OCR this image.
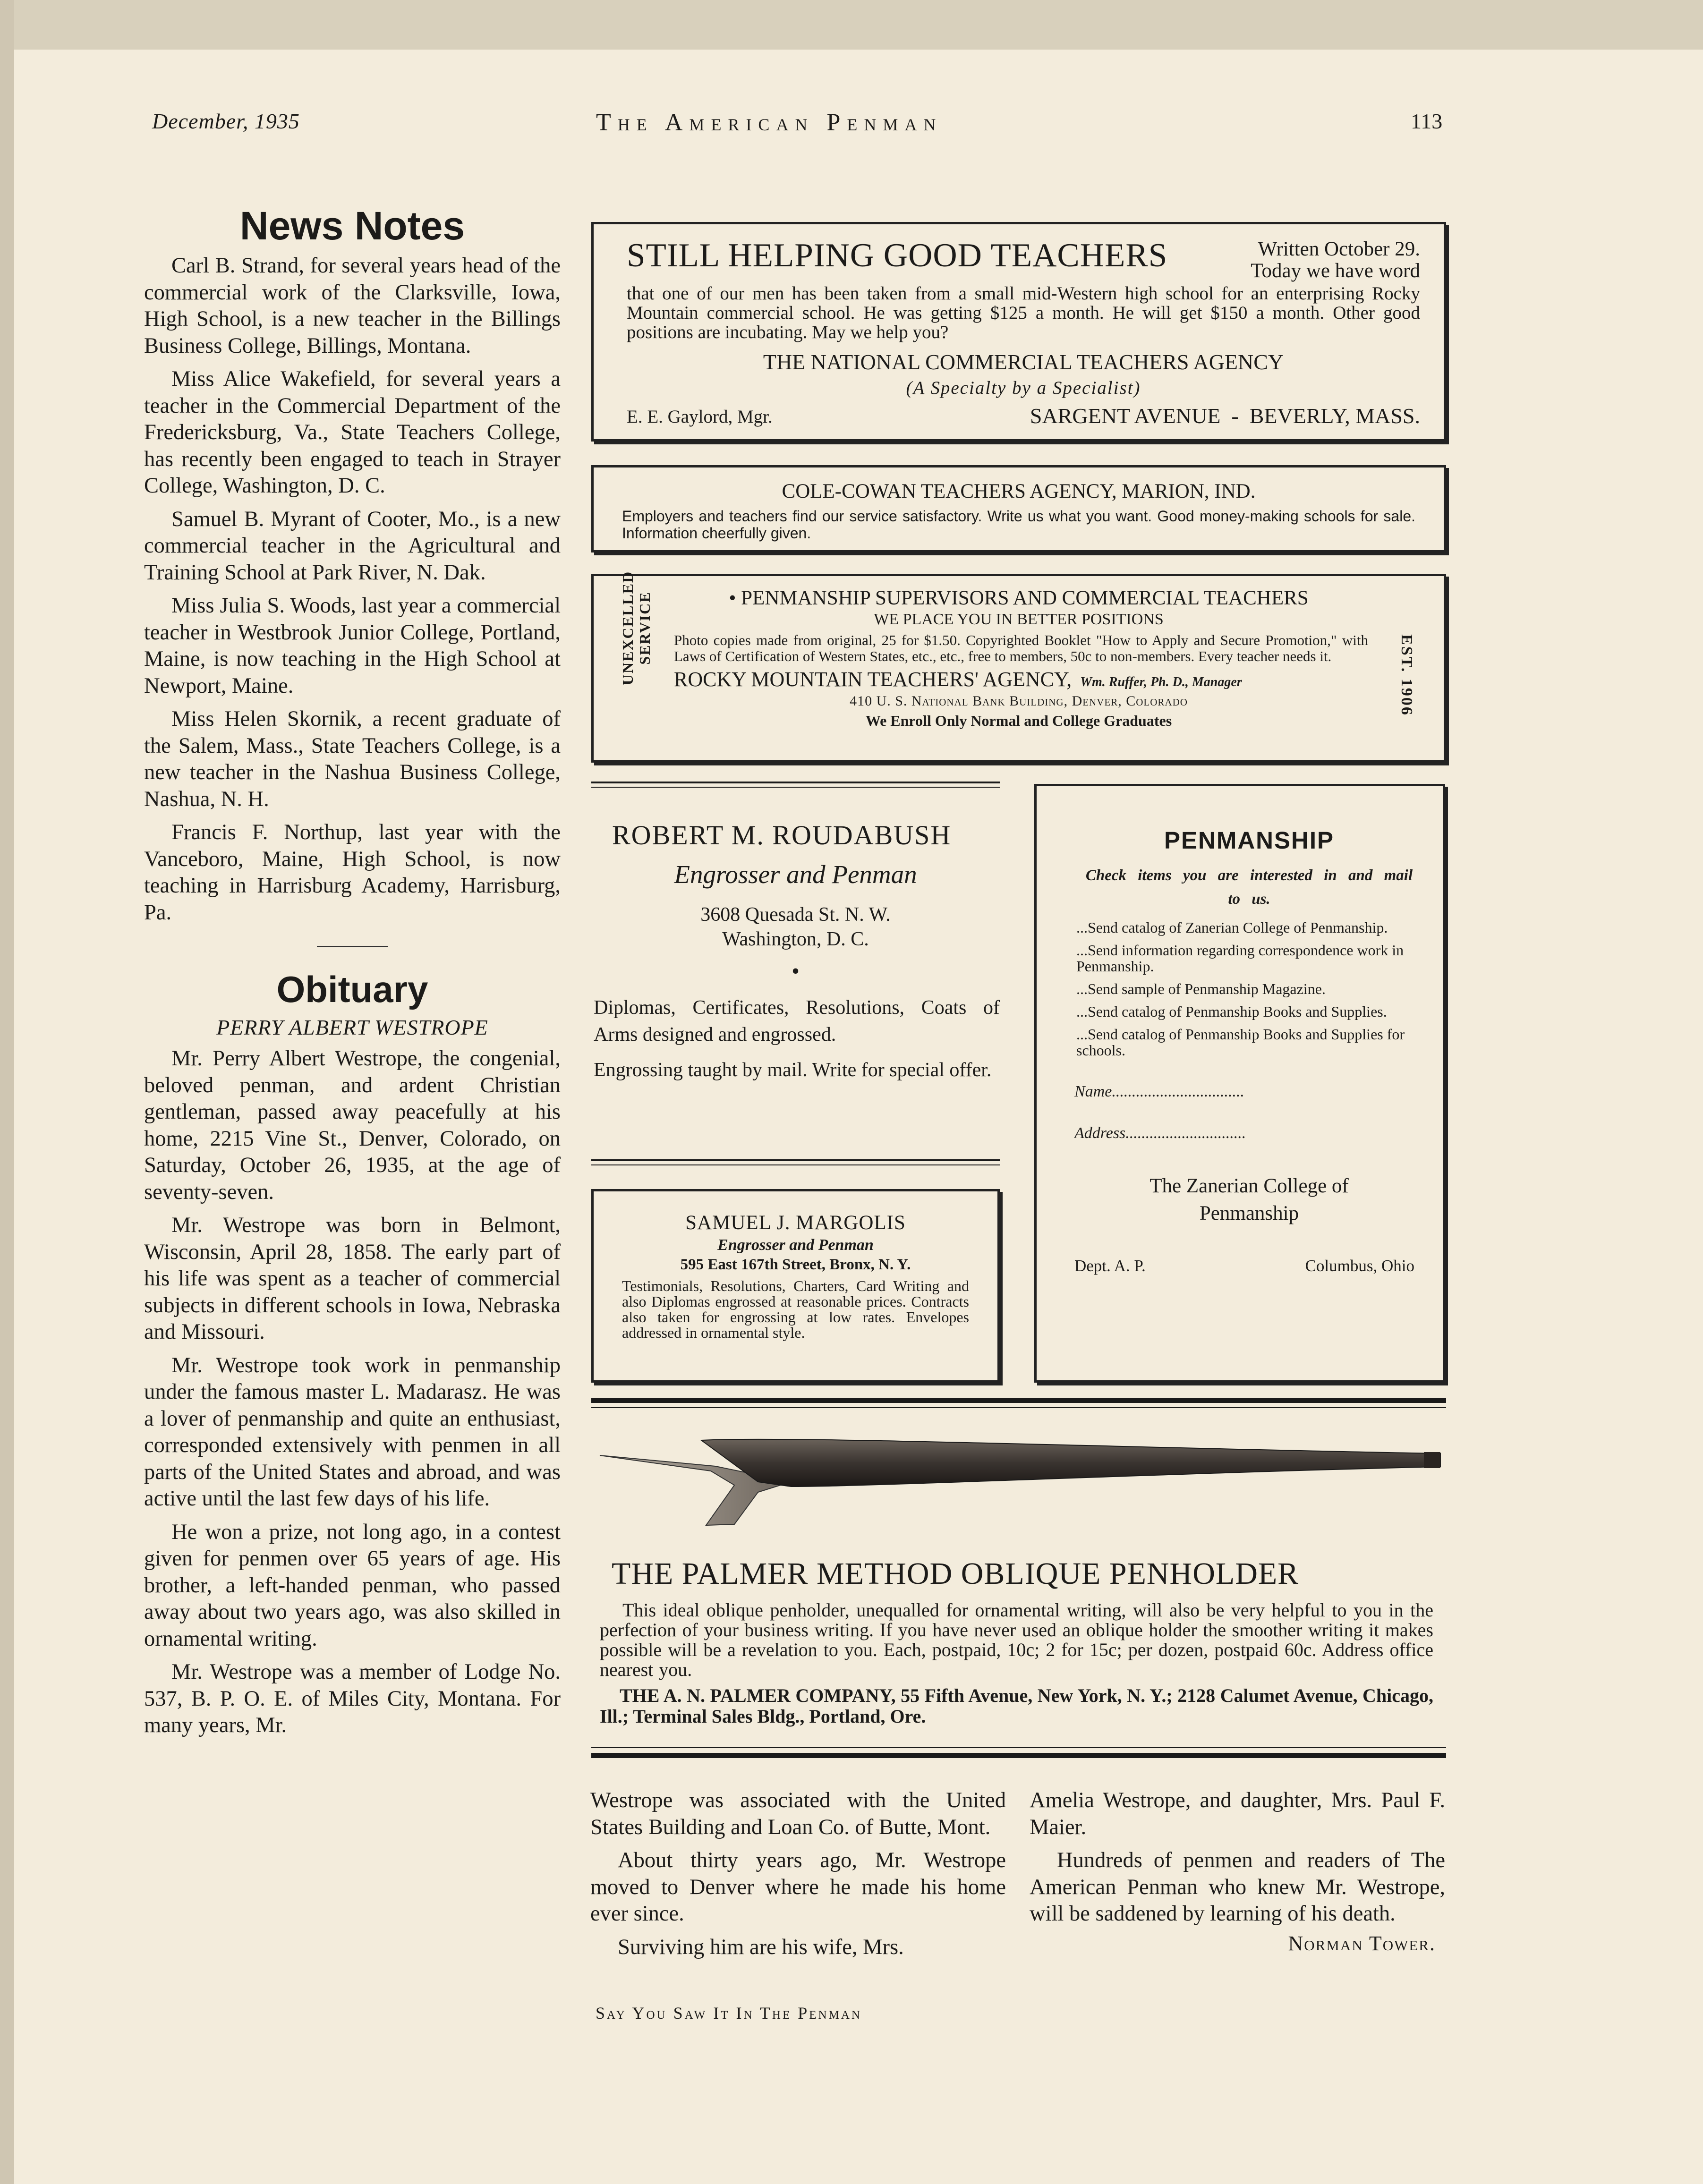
December, 1935	The American Penman	113
News Notes

Carl B. Strand, for several years head of the commercial work of the Clarksville, Iowa, High School, is a new teacher in the Billings Business College, Billings, Montana.

Miss Alice Wakefield, for several years a teacher in the Commercial Department of the Fredericksburg, Va., State Teachers College, has recently been engaged to teach in Strayer College, Washington, D. C.

Samuel B. Myrant of Cooter, Mo., is a new commercial teacher in the Agricultural and Training School at Park River, N. Dak.

Miss Julia S. Woods, last year a commercial teacher in Westbrook Junior College, Portland, Maine, is now teaching in the High School at Newport, Maine.

Miss Helen Skornik, a recent graduate of the Salem, Mass., State Teachers College, is a new teacher in the Nashua Business College, Nashua, N. H.

Francis F. Northup, last year with the Vanceboro, Maine, High School, is now teaching in Harrisburg Academy, Harrisburg, Pa.

Obituary
PERRY ALBERT WESTROPE

Mr. Perry Albert Westrope, the congenial, beloved penman, and ardent Christian gentleman, passed away peacefully at his home, 2215 Vine St., Denver, Colorado, on Saturday, October 26, 1935, at the age of seventy-seven.

Mr. Westrope was born in Belmont, Wisconsin, April 28, 1858. The early part of his life was spent as a teacher of commercial subjects in different schools in Iowa, Nebraska and Missouri.

Mr. Westrope took work in penmanship under the famous master L. Madarasz. He was a lover of penmanship and quite an enthusiast, corresponded extensively with penmen in all parts of the United States and abroad, and was active until the last few days of his life.

He won a prize, not long ago, in a contest given for penmen over 65 years of age. His brother, a left-handed penman, who passed away about two years ago, was also skilled in ornamental writing.

Mr. Westrope was a member of Lodge No. 537, B. P. O. E. of Miles City, Montana. For many years, Mr.

STILL HELPING GOOD TEACHERS	Written October 29.
Today we have word
that one of our men has been taken from a small mid-Western high school for an enterprising Rocky Mountain commercial school. He was getting $125 a month. He will get $150 a month. Other good positions are incubating. May we help you?
THE NATIONAL COMMERCIAL TEACHERS AGENCY
(A Specialty by a Specialist)
E. E. Gaylord, Mgr.	SARGENT AVENUE  -  BEVERLY, MASS.
COLE-COWAN TEACHERS AGENCY, MARION, IND.
Employers and teachers find our service satisfactory. Write us what you want. Good money-making schools for sale. Information cheerfully given.
UNEXCELLED SERVICE
EST. 1906
• PENMANSHIP SUPERVISORS AND COMMERCIAL TEACHERS
WE PLACE YOU IN BETTER POSITIONS
Photo copies made from original, 25 for $1.50. Copyrighted Booklet "How to Apply and Secure Promotion," with Laws of Certification of Western States, etc., etc., free to members, 50c to non-members. Every teacher needs it.
ROCKY MOUNTAIN TEACHERS' AGENCY, Wm. Ruffer, Ph. D., Manager
410 U. S. National Bank Building, Denver, Colorado
We Enroll Only Normal and College Graduates
ROBERT M. ROUDABUSH
Engrosser and Penman
3608 Quesada St. N. W.
Washington, D. C.
•
Diplomas, Certificates, Resolutions, Coats of Arms designed and engrossed.
Engrossing taught by mail. Write for special offer.
SAMUEL J. MARGOLIS
Engrosser and Penman
595 East 167th Street, Bronx, N. Y.
Testimonials, Resolutions, Charters, Card Writing and also Diplomas engrossed at reasonable prices. Contracts also taken for engrossing at low rates. Envelopes addressed in ornamental style.
PENMANSHIP
Check items you are interested in and mail to us.
...Send catalog of Zanerian College of Penmanship.
...Send information regarding correspondence work in Penmanship.
...Send sample of Penmanship Magazine.
...Send catalog of Penmanship Books and Supplies.
...Send catalog of Penmanship Books and Supplies for schools.
Name.................................
Address..............................
The Zanerian College of Penmanship
Dept. A. P.	Columbus, Ohio
THE PALMER METHOD OBLIQUE PENHOLDER
This ideal oblique penholder, unequalled for ornamental writing, will also be very helpful to you in the perfection of your business writing. If you have never used an oblique holder the smoother writing it makes possible will be a revelation to you. Each, postpaid, 10c; 2 for 15c; per dozen, postpaid 60c. Address office nearest you.
THE A. N. PALMER COMPANY, 55 Fifth Avenue, New York, N. Y.; 2128 Calumet Avenue, Chicago, Ill.; Terminal Sales Bldg., Portland, Ore.

Westrope was associated with the United States Building and Loan Co. of Butte, Mont.

About thirty years ago, Mr. Westrope moved to Denver where he made his home ever since.

Surviving him are his wife, Mrs.

Amelia Westrope, and daughter, Mrs. Paul F. Maier.

Hundreds of penmen and readers of The American Penman who knew Mr. Westrope, will be saddened by learning of his death.

Norman Tower.
Say You Saw It In The Penman
